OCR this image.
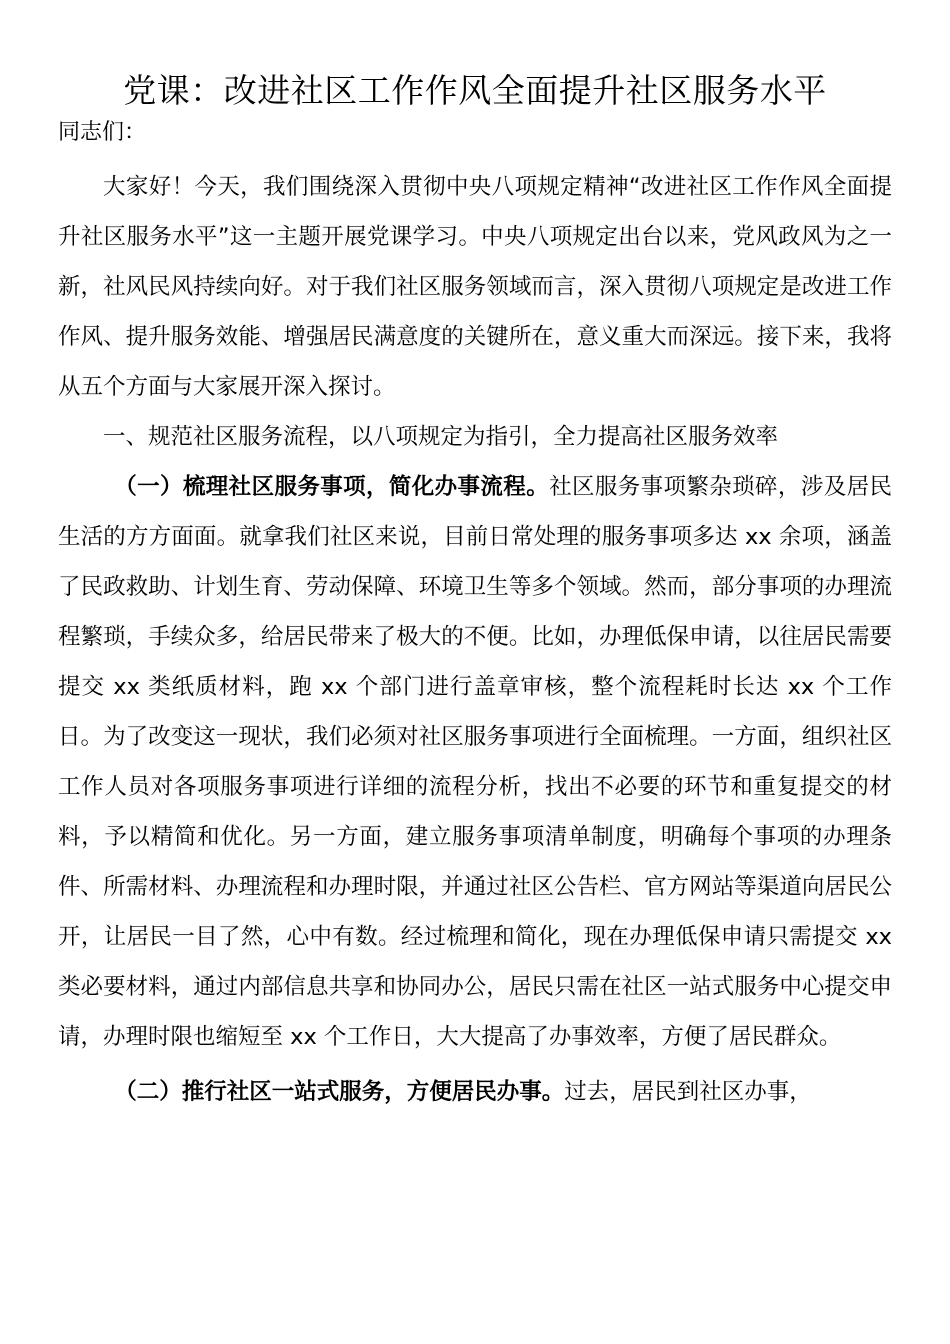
党课：改进社区工作作风全面提升社区服务水平

同志们：

大家好！今天，我们围绕深入贯彻中央八项规定精神“改进社区工作作风全面提升社区服务水平”这一主题开展党课学习。中央八项规定出台以来，党风政风为之一新，社风民风持续向好。对于我们社区服务领域而言，深入贯彻八项规定是改进工作作风、提升服务效能、增强居民满意度的关键所在，意义重大而深远。接下来，我将从五个方面与大家展开深入探讨。

一、规范社区服务流程，以八项规定为指引，全力提高社区服务效率

（一）梳理社区服务事项，简化办事流程。社区服务事项繁杂琐碎，涉及居民生活的方方面面。就拿我们社区来说，目前日常处理的服务事项多达 xx 余项，涵盖了民政救助、计划生育、劳动保障、环境卫生等多个领域。然而，部分事项的办理流程繁琐，手续众多，给居民带来了极大的不便。比如，办理低保申请，以往居民需要提交 xx 类纸质材料，跑 xx 个部门进行盖章审核，整个流程耗时长达 xx 个工作日。为了改变这一现状，我们必须对社区服务事项进行全面梳理。一方面，组织社区工作人员对各项服务事项进行详细的流程分析，找出不必要的环节和重复提交的材料，予以精简和优化。另一方面，建立服务事项清单制度，明确每个事项的办理条件、所需材料、办理流程和办理时限，并通过社区公告栏、官方网站等渠道向居民公开，让居民一目了然，心中有数。经过梳理和简化，现在办理低保申请只需提交 xx 类必要材料，通过内部信息共享和协同办公，居民只需在社区一站式服务中心提交申请，办理时限也缩短至 xx 个工作日，大大提高了办事效率，方便了居民群众。

（二）推行社区一站式服务，方便居民办事。过去，居民到社区办事，
